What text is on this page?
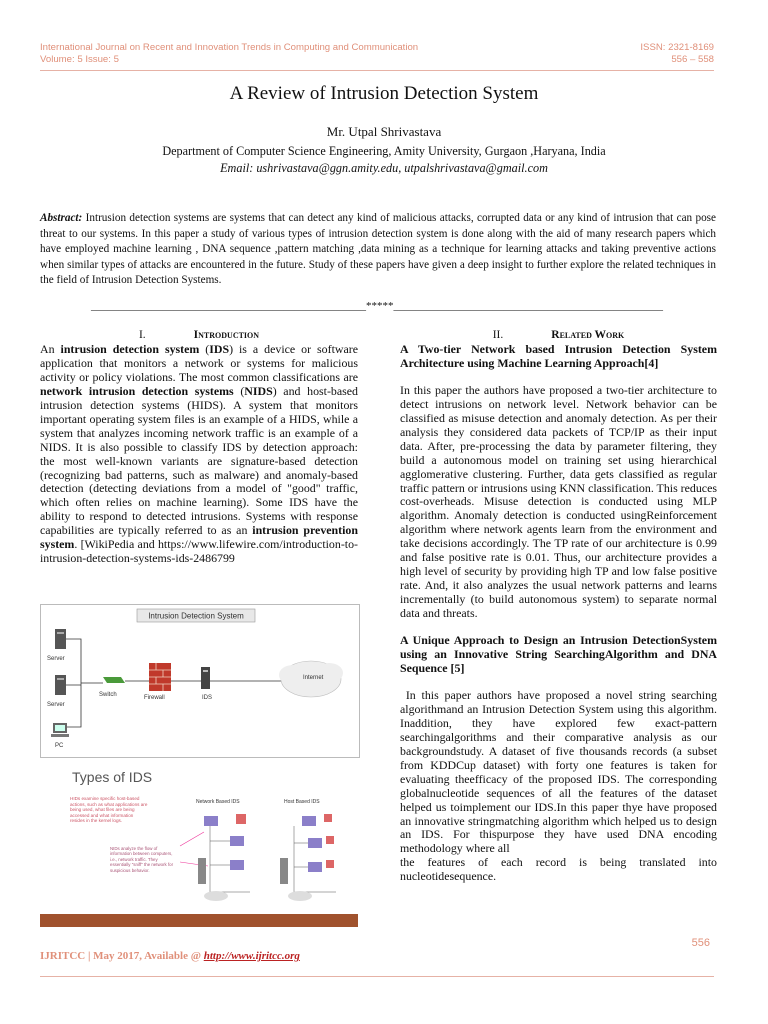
International Journal on Recent and Innovation Trends in Computing and Communication
Volume: 5 Issue: 5
ISSN: 2321-8169
556 – 558
A Review of Intrusion Detection System
Mr. Utpal Shrivastava
Department of Computer Science Engineering, Amity University, Gurgaon ,Haryana, India
Email: ushrivastava@ggn.amity.edu, utpalshrivastava@gmail.com
Abstract: Intrusion detection systems are systems that can detect any kind of malicious attacks, corrupted data or any kind of intrusion that can pose threat to our systems. In this paper a study of various types of intrusion detection system is done along with the aid of many research papers which have employed machine learning , DNA sequence ,pattern matching ,data mining as a technique for learning attacks and taking preventive actions when similar types of attacks are encountered in the future. Study of these papers have given a deep insight to further explore the related techniques in the field of Intrusion Detection Systems.
__________________________________________________*****_________________________________________________
I.	Introduction

An intrusion detection system (IDS) is a device or software application that monitors a network or systems for malicious activity or policy violations. The most common classifications are network intrusion detection systems (NIDS) and host-based intrusion detection systems (HIDS). A system that monitors important operating system files is an example of a HIDS, while a system that analyzes incoming network traffic is an example of a NIDS. It is also possible to classify IDS by detection approach: the most well-known variants are signature-based detection (recognizing bad patterns, such as malware) and anomaly-based detection (detecting deviations from a model of "good" traffic, which often relies on machine learning). Some IDS have the ability to respond to detected intrusions. Systems with response capabilities are typically referred to as an intrusion prevention system. [WikiPedia and https://www.lifewire.com/introduction-to-intrusion-detection-systems-ids-2486799

Intrusion Detection System
Server
Server
PC
Switch	Firewall	IDS
Internet
Types of IDS
HIDs examine specific host-based actions, such as what applications are being used, what files are being accessed and what information resides in the kernel logs.
NIDs analyze the flow of information between computers, i.e., network traffic. They essentially "sniff" the network for suspicious behavior.
Network Based IDS	Host Based IDS
II.	Related Work

A Two-tier Network based Intrusion Detection System Architecture using Machine Learning Approach[4]

In this paper the authors have proposed a two-tier architecture to detect intrusions on network level. Network behavior can be classified as misuse detection and anomaly detection. As per their analysis they considered data packets of TCP/IP as their input data. After, pre-processing the data by parameter filtering, they build a autonomous model on training set using hierarchical agglomerative clustering. Further, data gets classified as regular traffic pattern or intrusions using KNN classification. This reduces cost-overheads. Misuse detection is conducted using MLP algorithm. Anomaly detection is conducted usingReinforcement algorithm where network agents learn from the environment and take decisions accordingly. The TP rate of our architecture is 0.99 and false positive rate is 0.01. Thus, our architecture provides a high level of security by providing high TP and low false positive rate. And, it also analyzes the usual network patterns and learns incrementally (to build autonomous system) to separate normal data and threats.

A Unique Approach to Design an Intrusion DetectionSystem using an Innovative String SearchingAlgorithm and DNA Sequence [5]

In this paper authors have proposed a novel string searching algorithmand an Intrusion Detection System using this algorithm. Inaddition, they have explored few exact-pattern searchingalgorithms and their comparative analysis as our backgroundstudy. A dataset of five thousands records (a subset from KDDCup dataset) with forty one features is taken for evaluating theefficacy of the proposed IDS. The corresponding globalnucleotide sequences of all the features of the dataset helped us toimplement our IDS.In this paper thye have proposed an innovative stringmatching algorithm which helped us to design an IDS. For thispurpose they have used DNA encoding methodology where all

the features of each record is being translated into nucleotidesequence.

556
IJRITCC | May 2017, Available @ http://www.ijritcc.org
